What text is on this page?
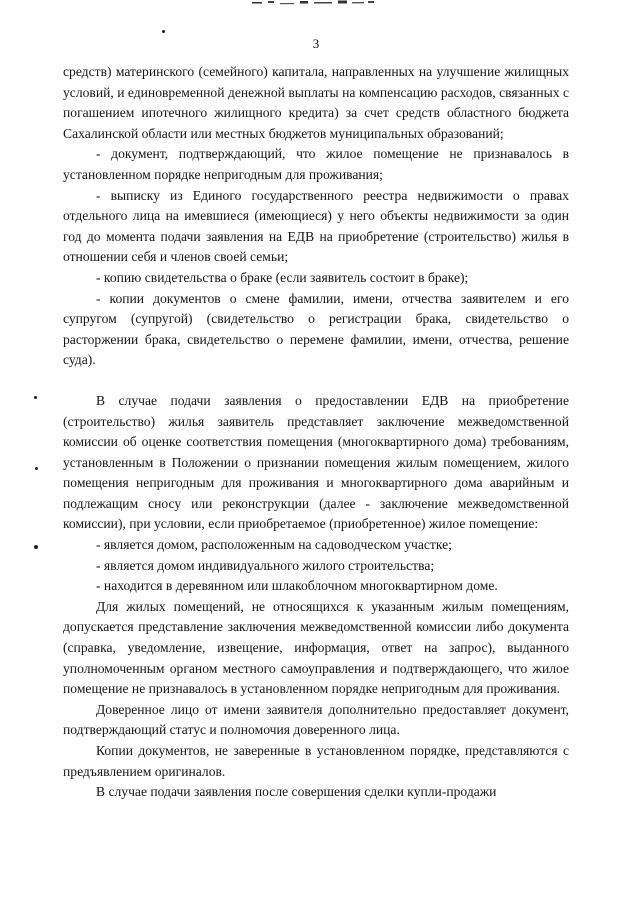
3

средств) материнского (семейного) капитала, направленных на улучшение жилищных условий, и единовременной денежной выплаты на компенсацию расходов, связанных с погашением ипотечного жилищного кредита) за счет средств областного бюджета Сахалинской области или местных бюджетов муниципальных образований;

- документ, подтверждающий, что жилое помещение не признавалось в установленном порядке непригодным для проживания;

- выписку из Единого государственного реестра недвижимости о правах отдельного лица на имевшиеся (имеющиеся) у него объекты недвижимости за один год до момента подачи заявления на ЕДВ на приобретение (строительство) жилья в отношении себя и членов своей семьи;

- копию свидетельства о браке (если заявитель состоит в браке);

- копии документов о смене фамилии, имени, отчества заявителем и его супругом (супругой) (свидетельство о регистрации брака, свидетельство о расторжении брака, свидетельство о перемене фамилии, имени, отчества, решение суда).

В случае подачи заявления о предоставлении ЕДВ на приобретение (строительство) жилья заявитель представляет заключение межведомственной комиссии об оценке соответствия помещения (многоквартирного дома) требованиям, установленным в Положении о признании помещения жилым помещением, жилого помещения непригодным для проживания и многоквартирного дома аварийным и подлежащим сносу или реконструкции (далее - заключение межведомственной комиссии), при условии, если приобретаемое (приобретенное) жилое помещение:

- является домом, расположенным на садоводческом участке;

- является домом индивидуального жилого строительства;

- находится в деревянном или шлакоблочном многоквартирном доме.

Для жилых помещений, не относящихся к указанным жилым помещениям, допускается представление заключения межведомственной комиссии либо документа (справка, уведомление, извещение, информация, ответ на запрос), выданного уполномоченным органом местного самоуправления и подтверждающего, что жилое помещение не признавалось в установленном порядке непригодным для проживания.

Доверенное лицо от имени заявителя дополнительно предоставляет документ, подтверждающий статус и полномочия доверенного лица.

Копии документов, не заверенные в установленном порядке, представляются с предъявлением оригиналов.

В случае подачи заявления после совершения сделки купли-продажи
